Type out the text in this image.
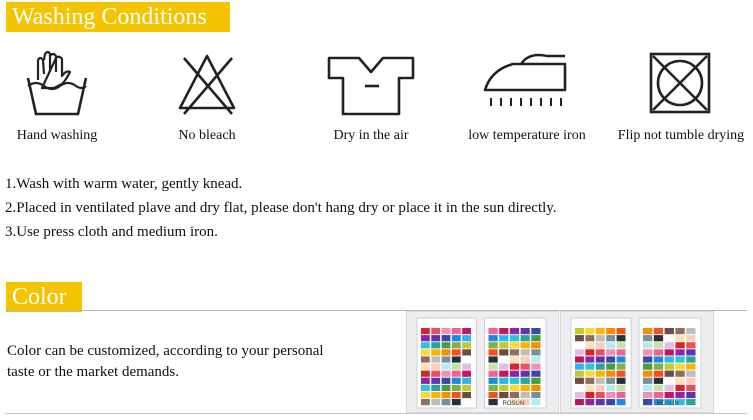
Washing Conditions
Hand washing	No bleach	Dry in the air	low temperature iron	Flip not tumble drying
1.Wash with warm water, gently knead.
2.Placed in ventilated plave and dry flat, please don't hang dry or place it in the sun directly.
3.Use press cloth and medium iron.
Color
Color can be customized, according to your personal
taste or the market demands.
ROSUN	ROSUN
